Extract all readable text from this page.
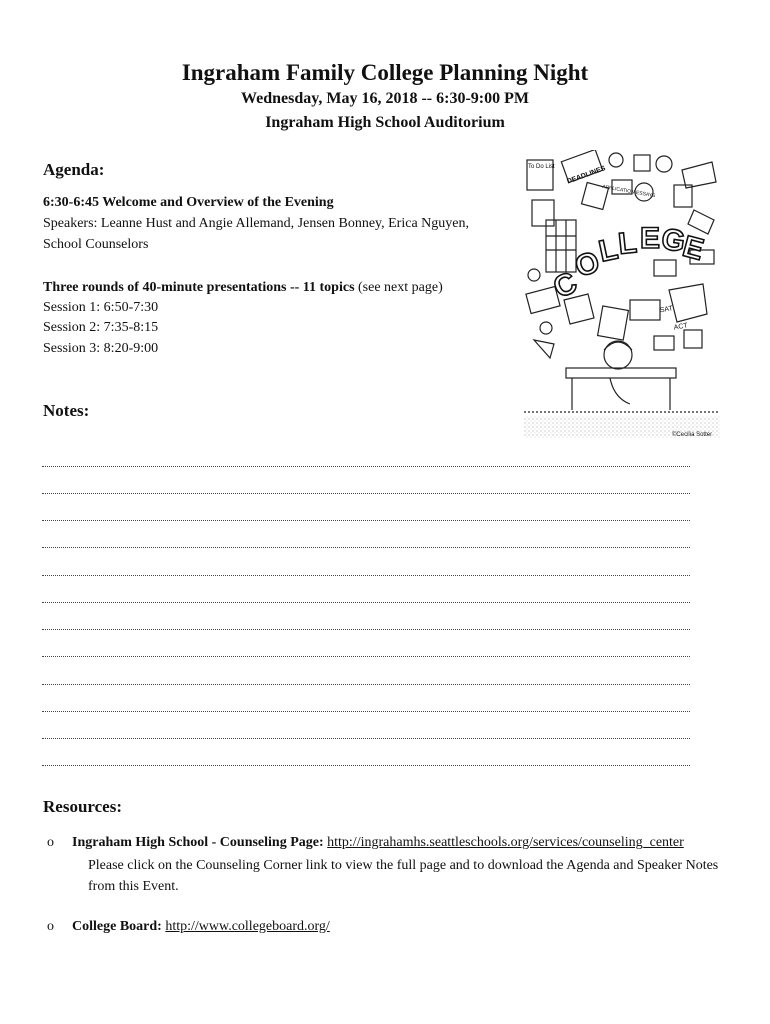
Ingraham Family College Planning Night
Wednesday, May 16, 2018 -- 6:30-9:00 PM
Ingraham High School Auditorium
Agenda:
6:30-6:45 Welcome and Overview of the Evening
Speakers: Leanne Hust and Angie Allemand, Jensen Bonney, Erica Nguyen,
School Counselors
Three rounds of 40-minute presentations -- 11 topics (see next page)
Session 1: 6:50-7:30
Session 2: 7:35-8:15
Session 3: 8:20-9:00
C
O
L
L E G
E
To Do List DEADLINES
APPLICATION ESSAYS
SAT
ACT
Notes:
Resources:
o Ingraham High School - Counseling Page: http://ingrahamhs.seattleschools.org/services/counseling_center
Please click on the Counseling Corner link to view the full page and to download the Agenda and Speaker Notes from this Event.
o College Board: http://www.collegeboard.org/
